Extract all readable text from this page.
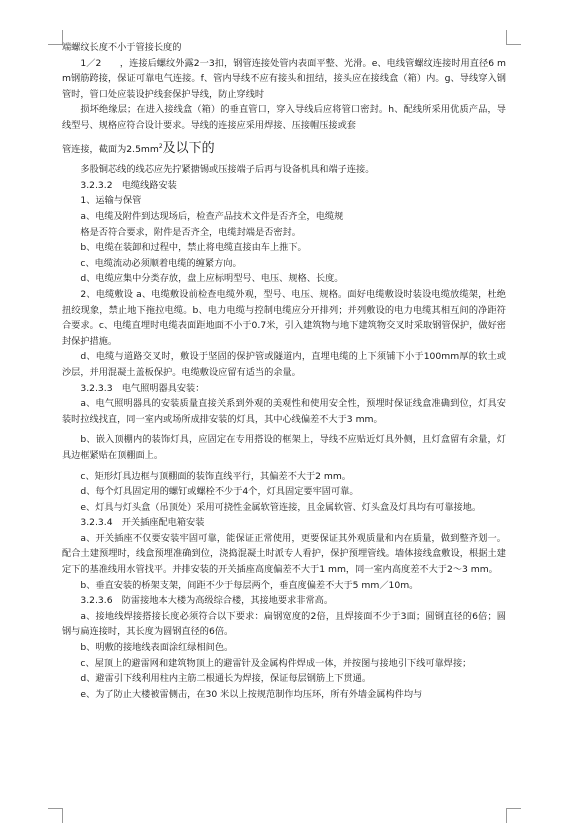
端螺纹长度不小于管接长度的

1／2　　，连接后螺纹外露2一3扣，钢管连接处管内表面平整、光滑。e、电线管螺纹连接时用直径6 mm钢筋跨接，保证可靠电气连接。f、管内导线不应有接头和扭结，接头应在接线盒（箱）内。g、导线穿入钢管时，管口处应装设护线套保护导线，防止穿线时

损坏绝缘层；在进入接线盒（箱）的垂直管口，穿入导线后应将管口密封。h、配线所采用优质产品，导线型号、规格应符合设计要求。导线的连接应采用焊接、压接帽压接或套

管连接，截面为$2.5mm^2$及以下的

多股铜芯线的线芯应先拧紧搪锡或压接端子后再与设备机具和端子连接。

3.2.3.2　电缆线路安装

1、运输与保管

a、电缆及附件到达现场后，检查产品技术文件是否齐全，电缆规

格是否符合要求，附件是否齐全，电缆封端是否密封。

b、电缆在装卸和过程中，禁止将电缆直接由车上推下。

c、电缆流动必须顺着电缆的缠紧方向。

d、电缆应集中分类存放，盘上应标明型号、电压、规格、长度。

2、电缆敷设 a、电缆敷设前检查电缆外观，型号、电压、规格。面好电缆敷设时装设电缆放缆架，杜绝扭绞现象，禁止地下拖拉电缆。b、电力电缆与控制电缆应分开排列；并列敷设的电力电缆其相互间的净距符合要求。c、电缆直埋时电缆表面距地面不小于0.7米，引入建筑物与地下建筑物交叉时采取钢管保护，做好密封保护措施。

d、电缆与道路交叉时，敷设于坚固的保护管或隧道内，直埋电缆的上下须铺下小于100mm厚的软土或沙层，并用混凝土盖板保护。电缆敷设应留有适当的余量。

3.2.3.3　电气照明器具安装：

a、电气照明器具的安装质量直接关系到外观的美观性和使用安全性，预埋时保证线盒准确到位，灯具安装时拉线找直，同一室内或场所成排安装的灯具，其中心线偏差不大于3 mm。

b、嵌入顶棚内的装饰灯具，应固定在专用搭设的框架上，导线不应贴近灯具外侧，且灯盒留有余量，灯具边框紧贴在顶棚面上。

c、矩形灯具边框与顶棚面的装饰直线平行，其偏差不大于2 mm。

d、每个灯具固定用的螺钉或螺栓不少于4个，灯具固定要牢固可靠。

e、灯具与灯头盒（吊顶处）采用可挠性金属软管连接，且金属软管、灯头盒及灯具均有可靠接地。

3.2.3.4　开关插座配电箱安装

a、开关插座不仅要安装牢固可靠，能保证正常使用，更要保证其外观质量和内在质量，做到整齐划一。配合土建预埋时，线盒预埋准确到位，浇捣混凝土时派专人看护，保护预埋管线。墙体接线盒敷设，根据土建定下的基准线用水管找平。并排安装的开关插座高度偏差不大于1 mm，同一室内高度差不大于2～3 mm。

b、垂直安装的桥架支架，间距不少于每层两个，垂直度偏差不大于5 mm／10m。

3.2.3.6　防雷接地本大楼为高级综合楼，其接地要求非常高。

a、接地线焊接搭接长度必须符合以下要求：扁钢宽度的2倍，且焊接面不少于3面；圆钢直径的6倍；圆钢与扁连接时，其长度为圆钢直径的6倍。

b、明敷的接地线表面涂红绿相间色。

c、屋顶上的避雷网和建筑物顶上的避雷针及金属构件焊成一体，并按图与接地引下线可靠焊接；

d、避雷引下线利用柱内主筋二根通长为焊接，保证每层钢筋上下贯通。

e、为了防止大楼被雷侧击，在30 米以上按规范制作均压环，所有外墙金属构件均与
